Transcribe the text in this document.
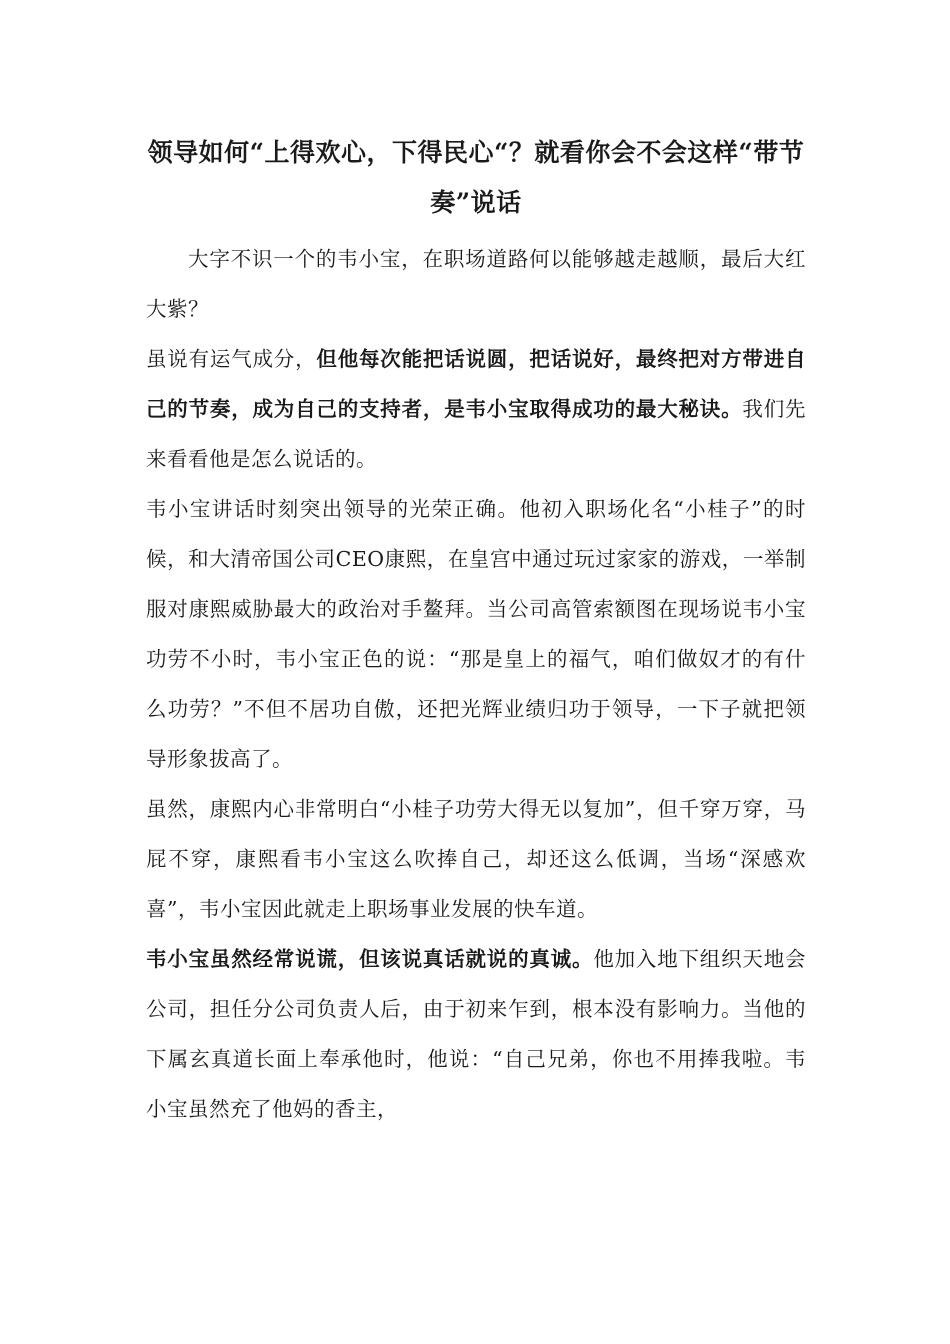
领导如何“上得欢心，下得民心“？就看你会不会这样“带节奏”说话

大字不识一个的韦小宝，在职场道路何以能够越走越顺，最后大红大紫？

虽说有运气成分，但他每次能把话说圆，把话说好，最终把对方带进自己的节奏，成为自己的支持者，是韦小宝取得成功的最大秘诀。我们先来看看他是怎么说话的。

韦小宝讲话时刻突出领导的光荣正确。他初入职场化名“小桂子”的时候，和大清帝国公司CEO康熙，在皇宫中通过玩过家家的游戏，一举制服对康熙威胁最大的政治对手鳌拜。当公司高管索额图在现场说韦小宝功劳不小时，韦小宝正色的说：“那是皇上的福气，咱们做奴才的有什么功劳？”不但不居功自傲，还把光辉业绩归功于领导，一下子就把领导形象拔高了。

虽然，康熙内心非常明白“小桂子功劳大得无以复加”，但千穿万穿，马屁不穿，康熙看韦小宝这么吹捧自己，却还这么低调，当场“深感欢喜”，韦小宝因此就走上职场事业发展的快车道。

韦小宝虽然经常说谎，但该说真话就说的真诚。他加入地下组织天地会公司，担任分公司负责人后，由于初来乍到，根本没有影响力。当他的下属玄真道长面上奉承他时，他说：“自己兄弟，你也不用捧我啦。韦小宝虽然充了他妈的香主，
